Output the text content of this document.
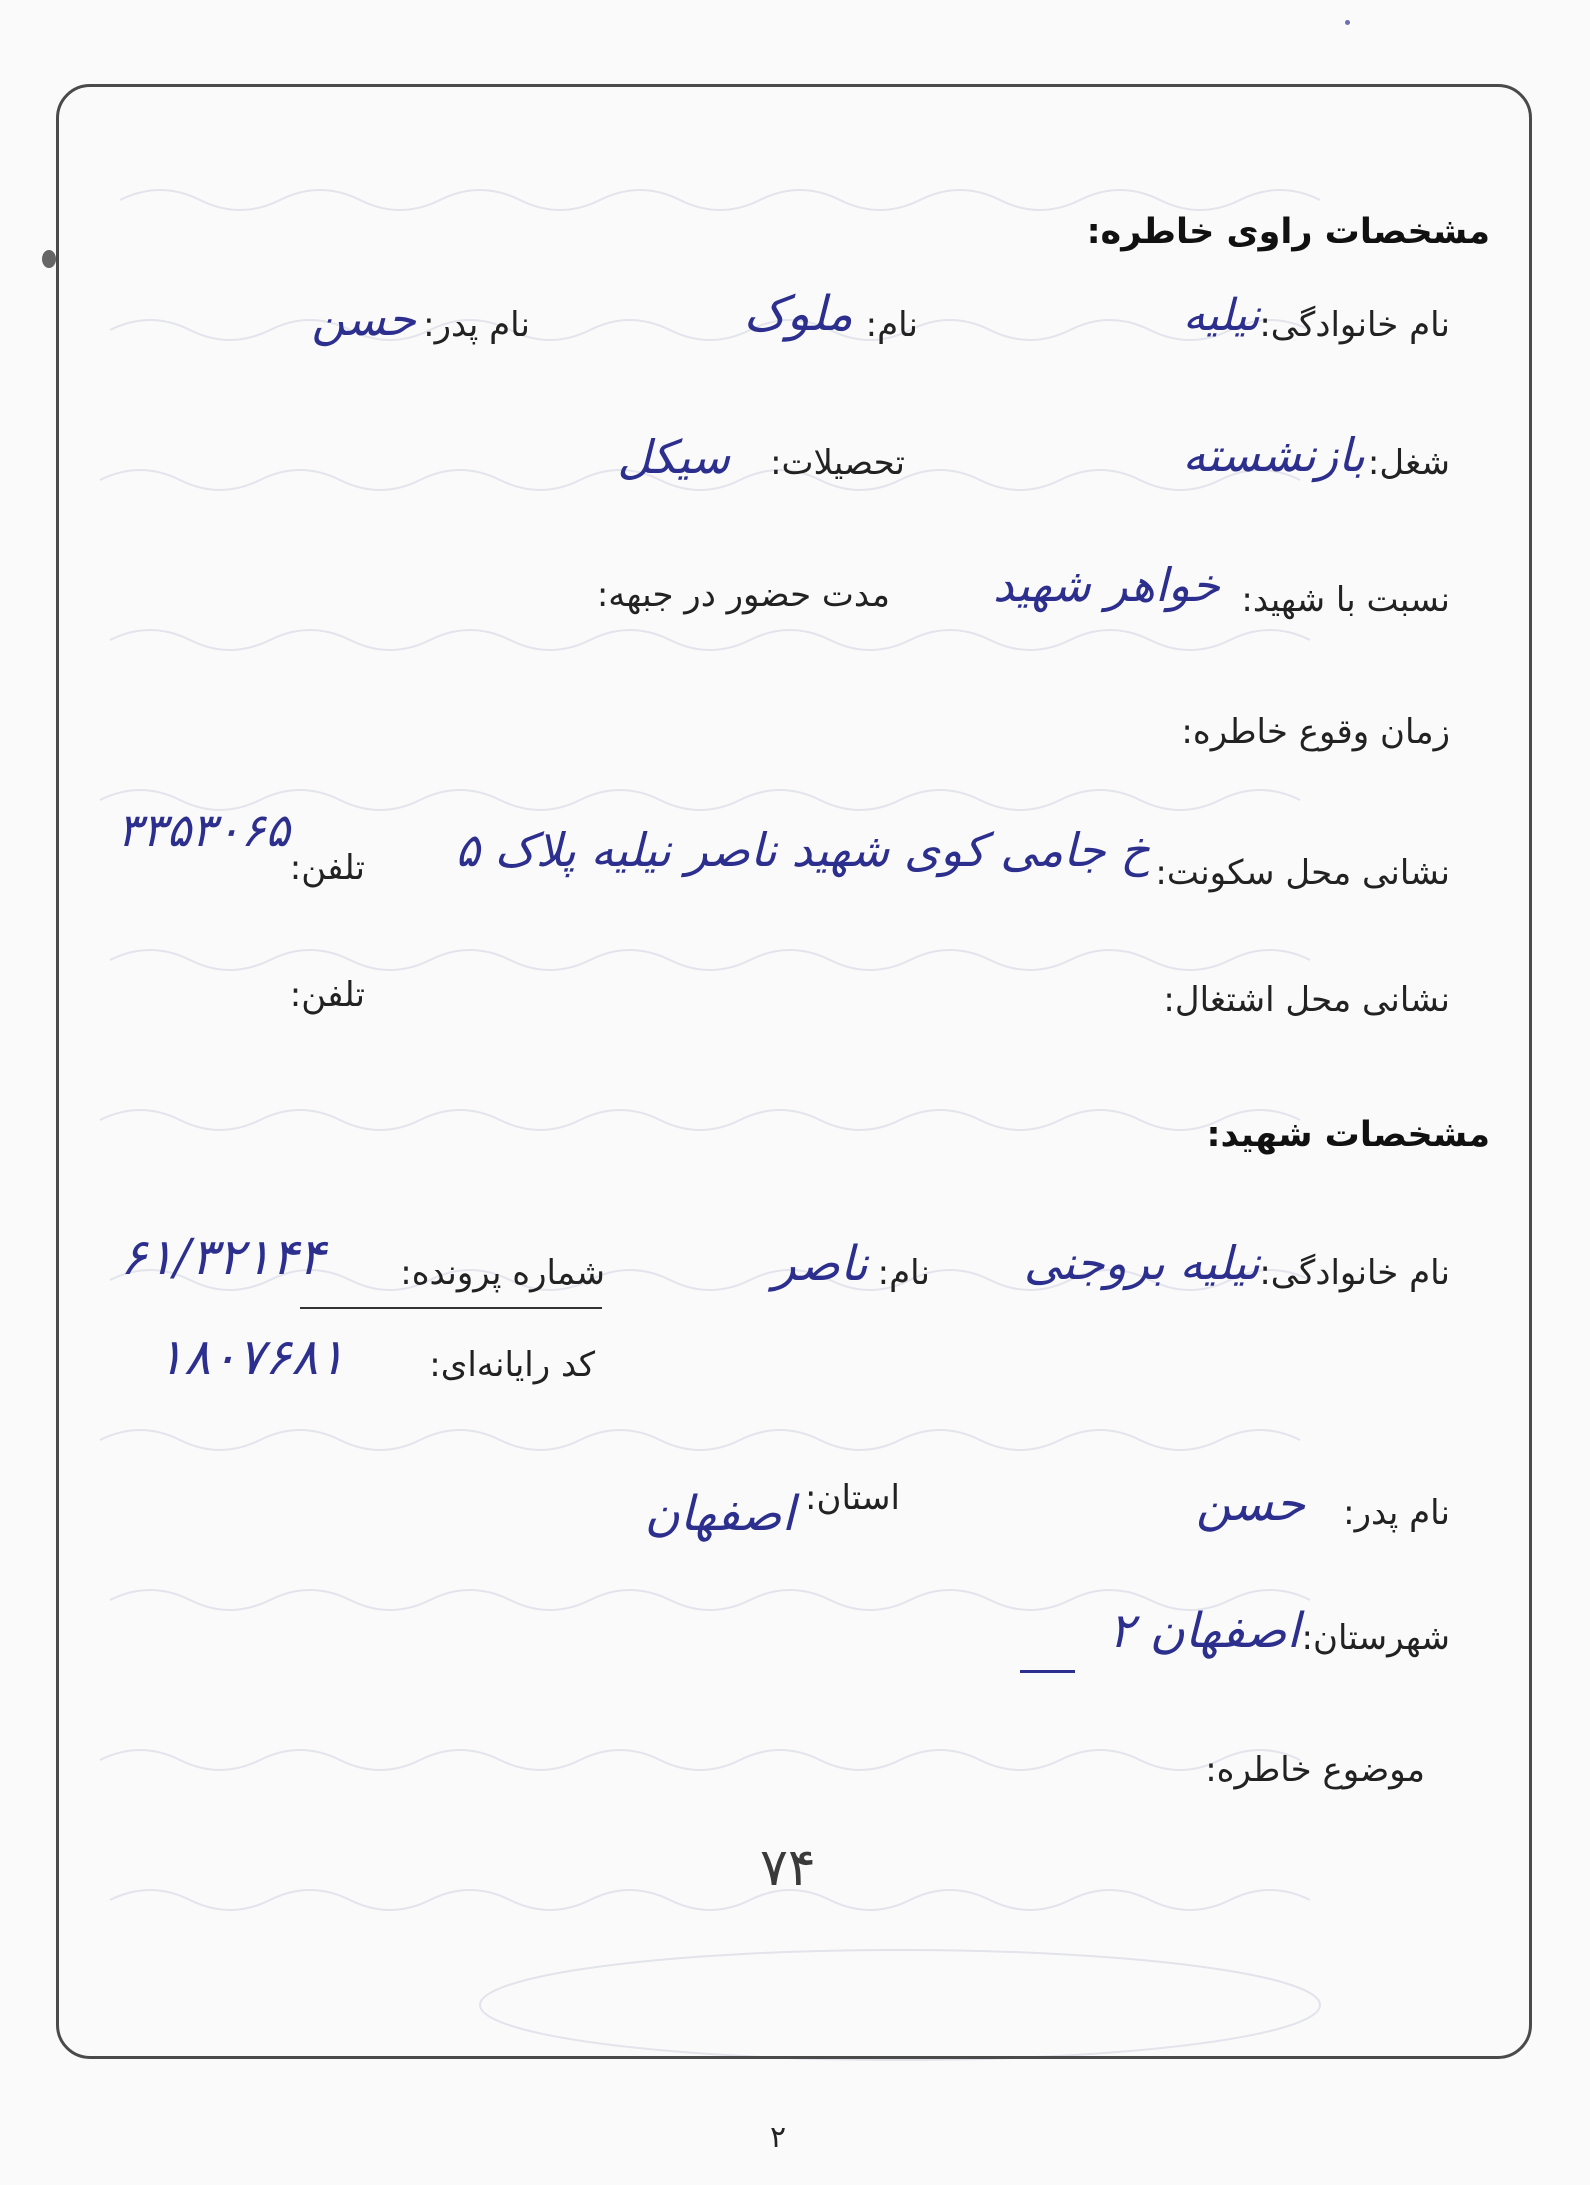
مشخصات راوی خاطره:
نام خانوادگی:
نیلیه
نام:
ملوک
نام پدر:
حسن
شغل:
بازنشسته
تحصیلات:
سیکل
نسبت با شهید:
خواهر شهید
مدت حضور در جبهه:
زمان وقوع خاطره:
نشانی محل سکونت:
خ جامی کوی شهید ناصر نیلیه پلاک ۵
تلفن:
۳۳۵۳۰۶۵
نشانی محل اشتغال:
تلفن:
مشخصات شهید:
نام خانوادگی:
نیلیه بروجنی
نام:
ناصر
شماره پرونده:
۶۱/۳۲۱۴۴
کد رایانه‌ای:
۱۸۰۷۶۸۱
نام پدر:
حسن
استان:
اصفهان
شهرستان:
اصفهان ۲
موضوع خاطره:
۷۴
۲
